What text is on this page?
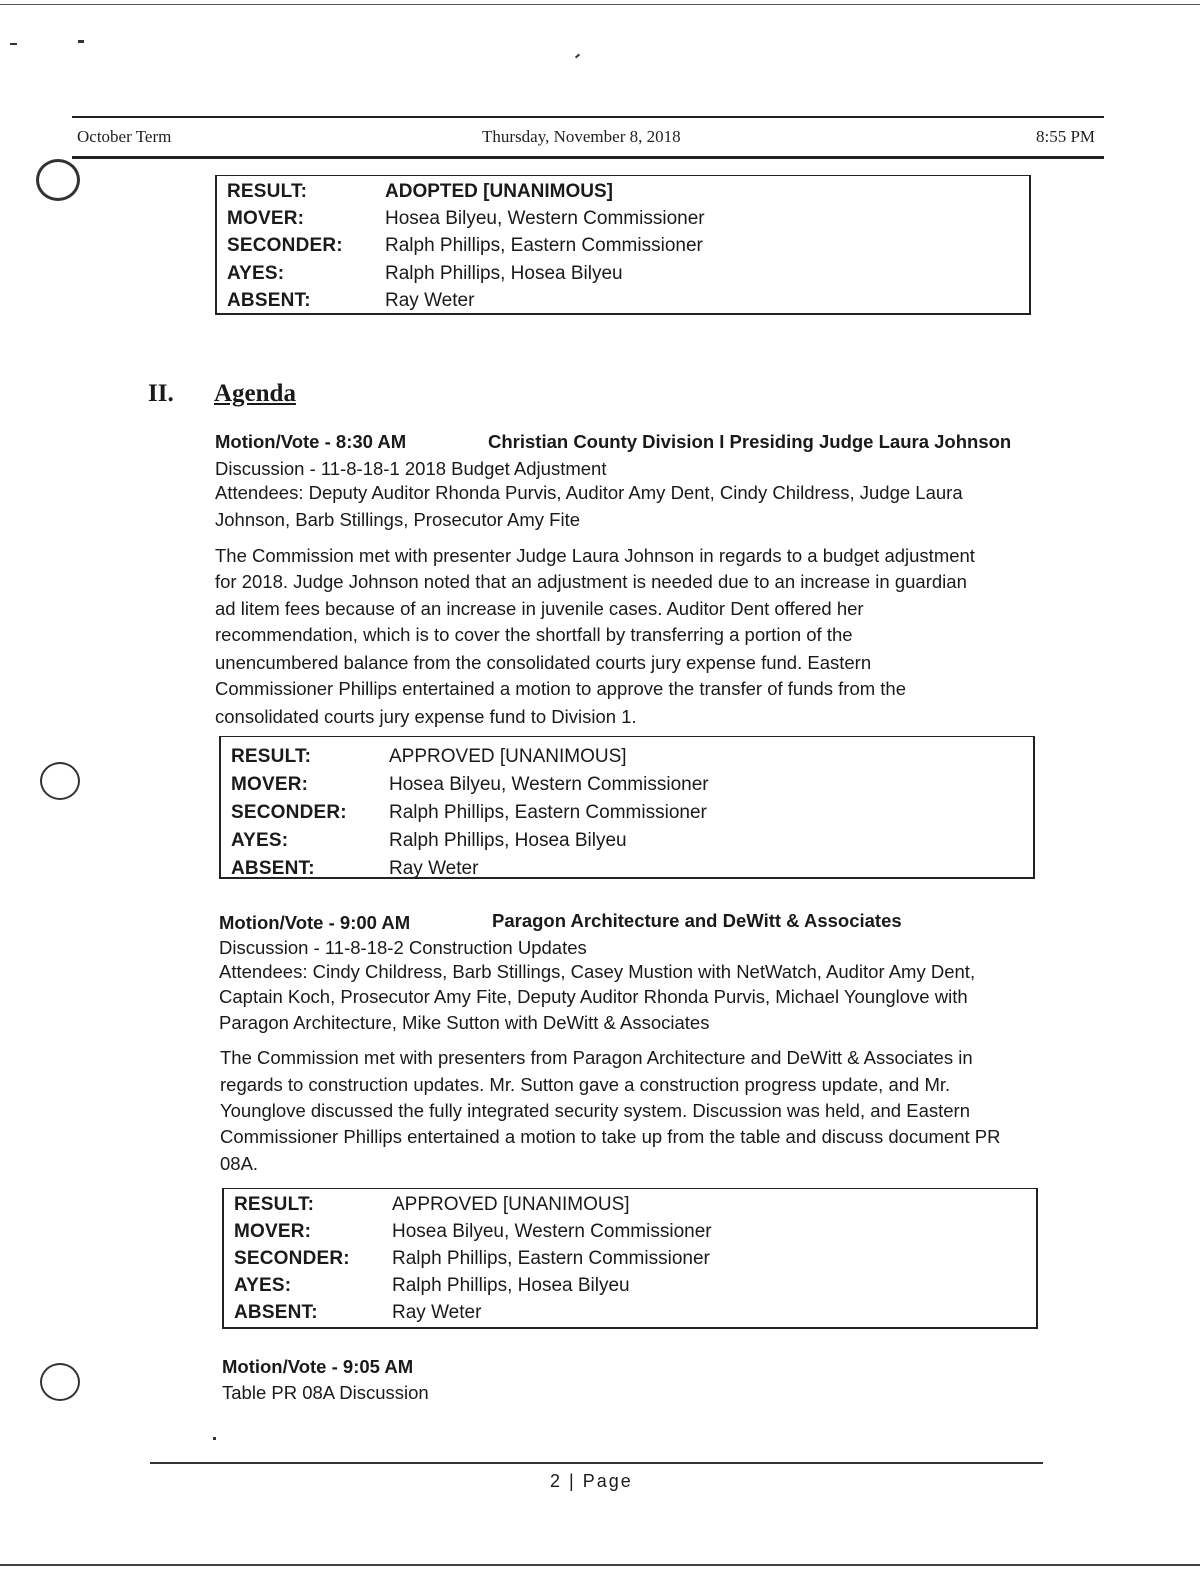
October Term	Thursday, November 8, 2018	8:55 PM
RESULT:	ADOPTED [UNANIMOUS]
MOVER:	Hosea Bilyeu, Western Commissioner
SECONDER: Ralph Phillips, Eastern Commissioner
AYES:	Ralph Phillips, Hosea Bilyeu
ABSENT:	Ray Weter
II. Agenda
Motion/Vote - 8:30 AM	Christian County Division I Presiding Judge Laura Johnson
Discussion - 11-8-18-1 2018 Budget Adjustment
Attendees: Deputy Auditor Rhonda Purvis, Auditor Amy Dent, Cindy Childress, Judge Laura
Johnson, Barb Stillings, Prosecutor Amy Fite
The Commission met with presenter Judge Laura Johnson in regards to a budget adjustment
for 2018. Judge Johnson noted that an adjustment is needed due to an increase in guardian
ad litem fees because of an increase in juvenile cases. Auditor Dent offered her
recommendation, which is to cover the shortfall by transferring a portion of the
unencumbered balance from the consolidated courts jury expense fund. Eastern
Commissioner Phillips entertained a motion to approve the transfer of funds from the
consolidated courts jury expense fund to Division 1.
RESULT:	APPROVED [UNANIMOUS]
MOVER:	Hosea Bilyeu, Western Commissioner
SECONDER: Ralph Phillips, Eastern Commissioner
AYES:	Ralph Phillips, Hosea Bilyeu
ABSENT:	Ray Weter
Motion/Vote - 9:00 AM	Paragon Architecture and DeWitt & Associates
Discussion - 11-8-18-2 Construction Updates
Attendees: Cindy Childress, Barb Stillings, Casey Mustion with NetWatch, Auditor Amy Dent,
Captain Koch, Prosecutor Amy Fite, Deputy Auditor Rhonda Purvis, Michael Younglove with
Paragon Architecture, Mike Sutton with DeWitt & Associates
The Commission met with presenters from Paragon Architecture and DeWitt & Associates in
regards to construction updates. Mr. Sutton gave a construction progress update, and Mr.
Younglove discussed the fully integrated security system. Discussion was held, and Eastern
Commissioner Phillips entertained a motion to take up from the table and discuss document PR
08A.
RESULT:	APPROVED [UNANIMOUS]
MOVER:	Hosea Bilyeu, Western Commissioner
SECONDER: Ralph Phillips, Eastern Commissioner
AYES:	Ralph Phillips, Hosea Bilyeu
ABSENT:	Ray Weter
Motion/Vote - 9:05 AM
Table PR 08A Discussion
2 | Page
